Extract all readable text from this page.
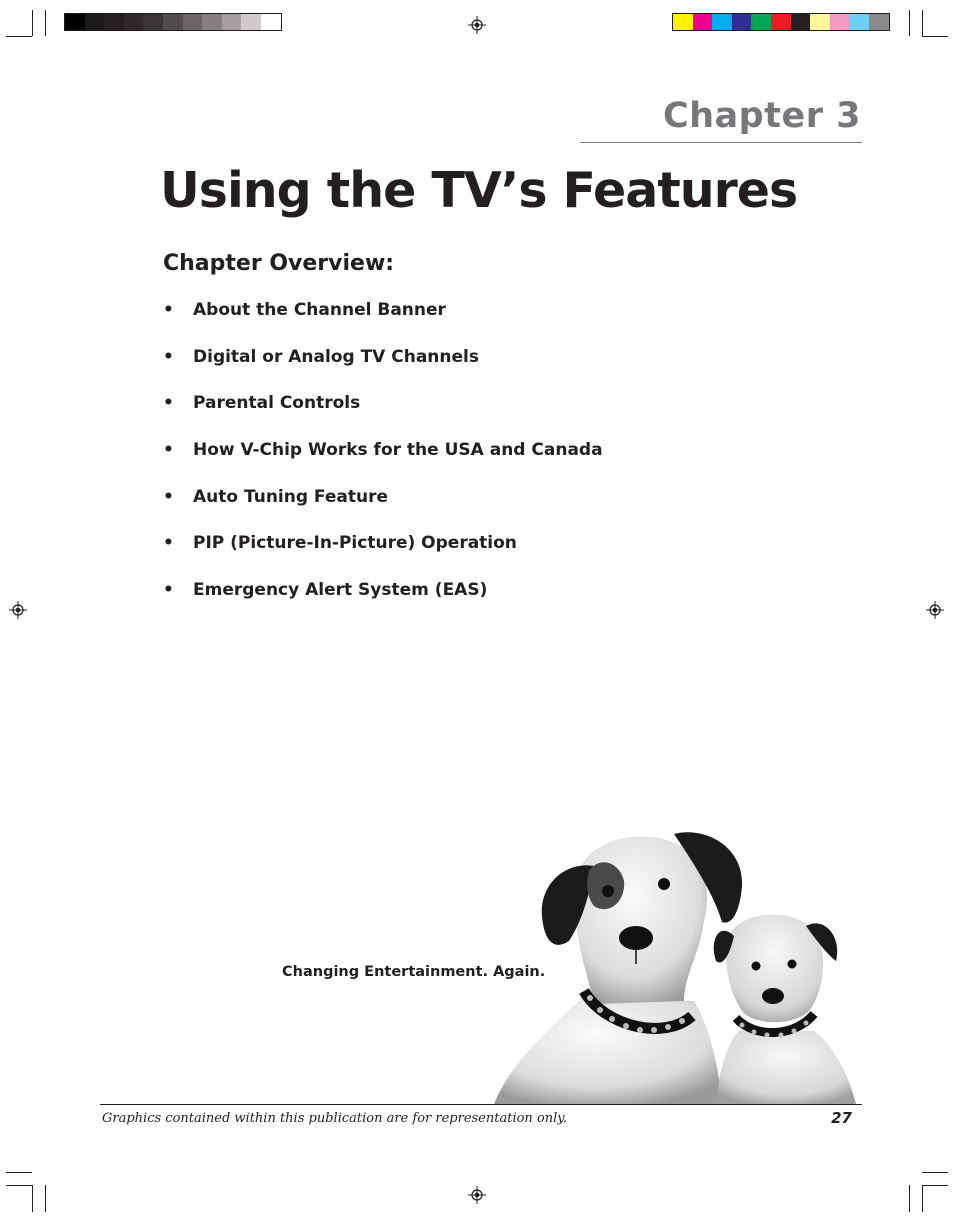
Chapter 3
Using the TV’s Features
Chapter Overview:
•	About the Channel Banner
•	Digital or Analog TV Channels
•	Parental Controls
•	How V-Chip Works for the USA and Canada
•	Auto Tuning Feature
•	PIP (Picture-In-Picture) Operation
•	Emergency Alert System (EAS)
Changing Entertainment. Again.
Graphics contained within this publication are for representation only.	27
